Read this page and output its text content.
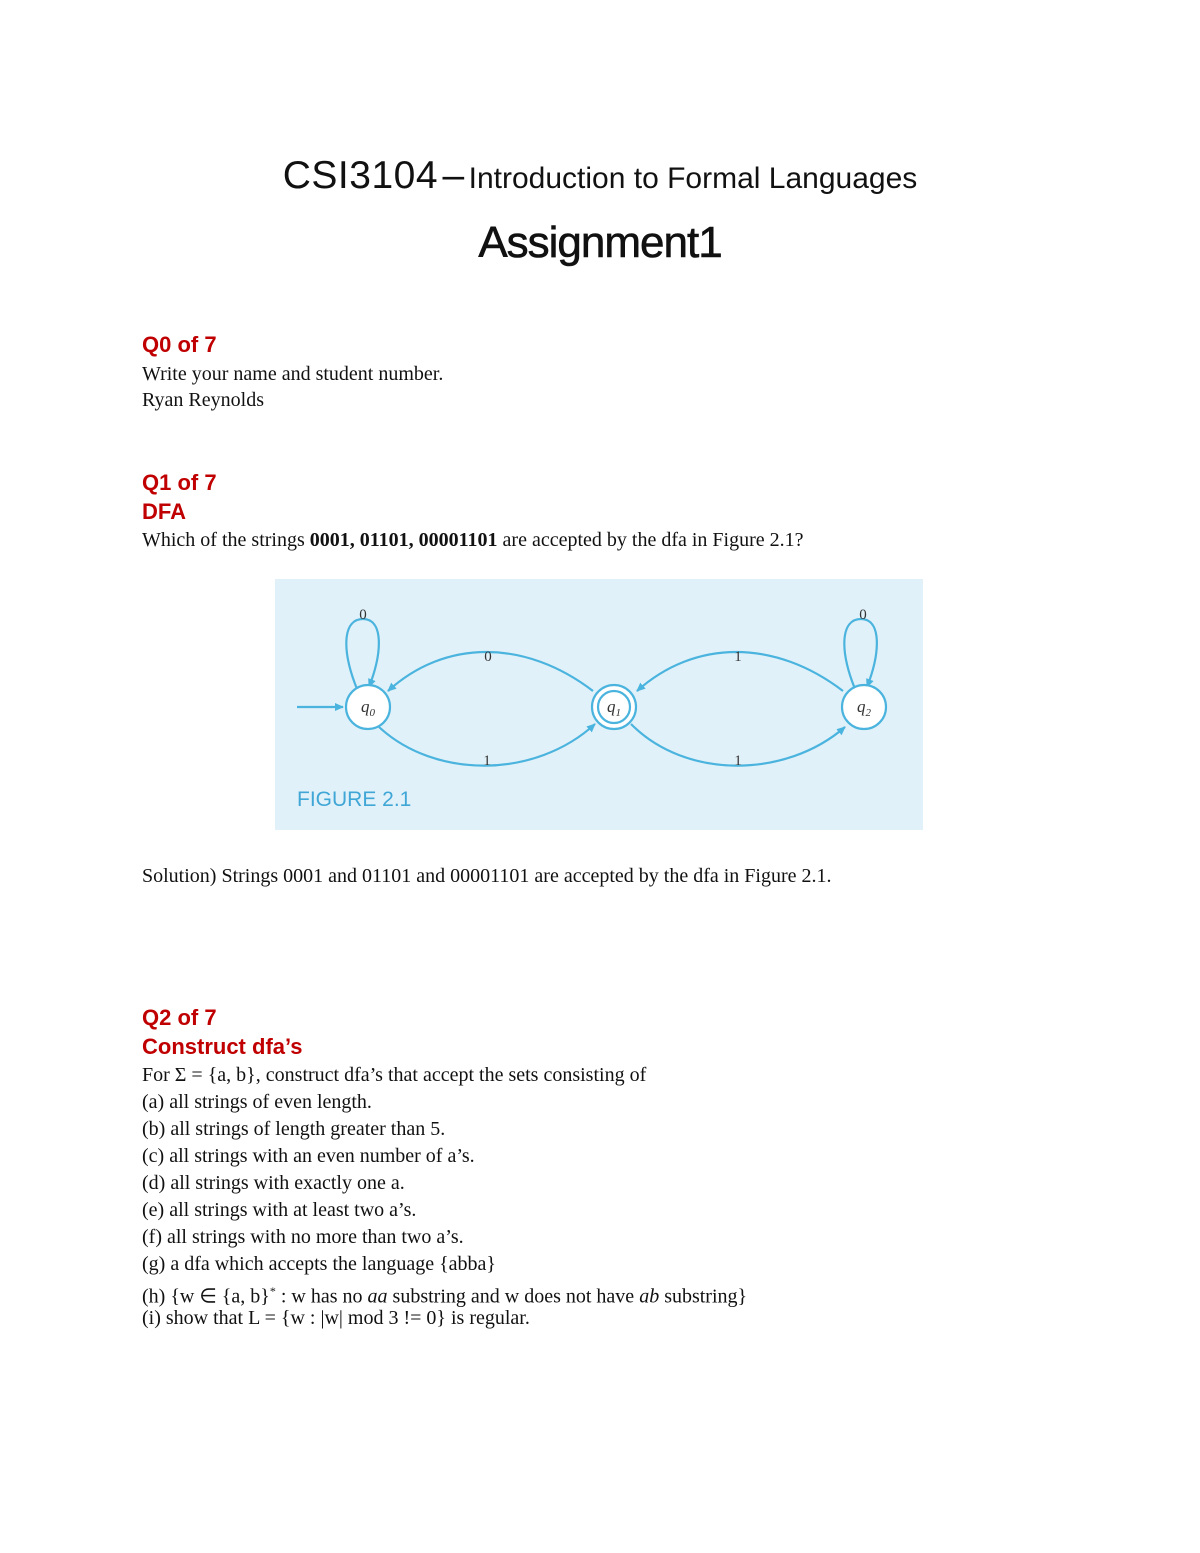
CSI3104 – Introduction to Formal Languages
Assignment1
Q0 of 7
Write your name and student number.
Ryan Reynolds
Q1 of 7
DFA
Which of the strings 0001, 01101, 00001101 are accepted by the dfa in Figure 2.1?
$q_0$	$q_1$	$q_2$
0	0
0
1
1
1
FIGURE 2.1
Solution) Strings 0001 and 01101 and 00001101 are accepted by the dfa in Figure 2.1.
Q2 of 7
Construct dfa’s
For Σ = {a, b}, construct dfa’s that accept the sets consisting of
(a) all strings of even length.
(b) all strings of length greater than 5.
(c) all strings with an even number of a’s.
(d) all strings with exactly one a.
(e) all strings with at least two a’s.
(f) all strings with no more than two a’s.
(g) a dfa which accepts the language {abba}
(h) {w ∈ {a, b}* : w has no aa substring and w does not have ab substring}
(i) show that L = {w : |w| mod 3 != 0} is regular.
